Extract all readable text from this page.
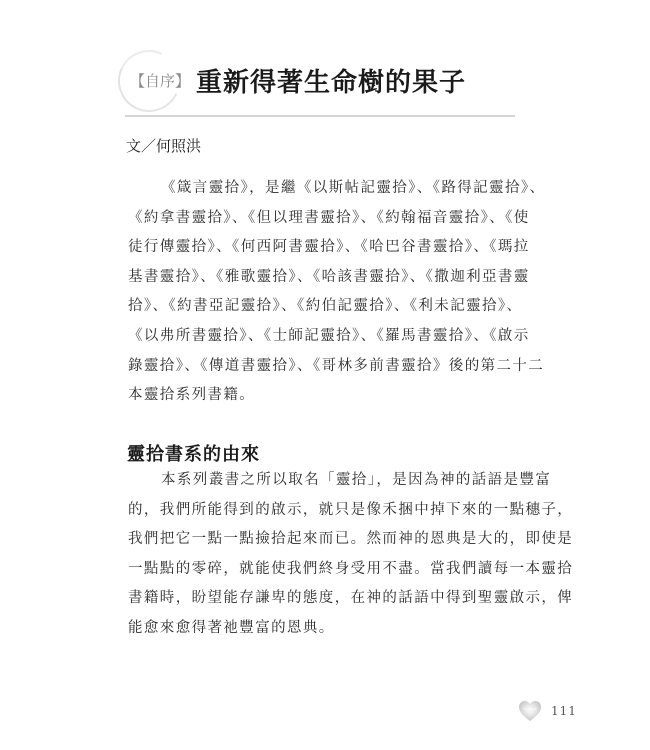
【自序】 重新得著生命樹的果子
文／何照洪
《箴言靈拾》，是繼《以斯帖記靈拾》、《路得記靈拾》、
《約拿書靈拾》、《但以理書靈拾》、《約翰福音靈拾》、《使
徒行傳靈拾》、《何西阿書靈拾》、《哈巴谷書靈拾》、《瑪拉
基書靈拾》、《雅歌靈拾》、《哈該書靈拾》、《撒迦利亞書靈
拾》、《約書亞記靈拾》、《約伯記靈拾》、《利未記靈拾》、
《以弗所書靈拾》、《士師記靈拾》、《羅馬書靈拾》、《啟示
錄靈拾》、《傳道書靈拾》、《哥林多前書靈拾》後的第二十二
本靈拾系列書籍。
靈拾書系的由來
本系列叢書之所以取名「靈拾」，是因為神的話語是豐富
的，我們所能得到的啟示，就只是像禾捆中掉下來的一點穗子，
我們把它一點一點撿拾起來而已。然而神的恩典是大的，即使是
一點點的零碎，就能使我們終身受用不盡。當我們讀每一本靈拾
書籍時，盼望能存謙卑的態度，在神的話語中得到聖靈啟示，俾
能愈來愈得著祂豐富的恩典。
111
